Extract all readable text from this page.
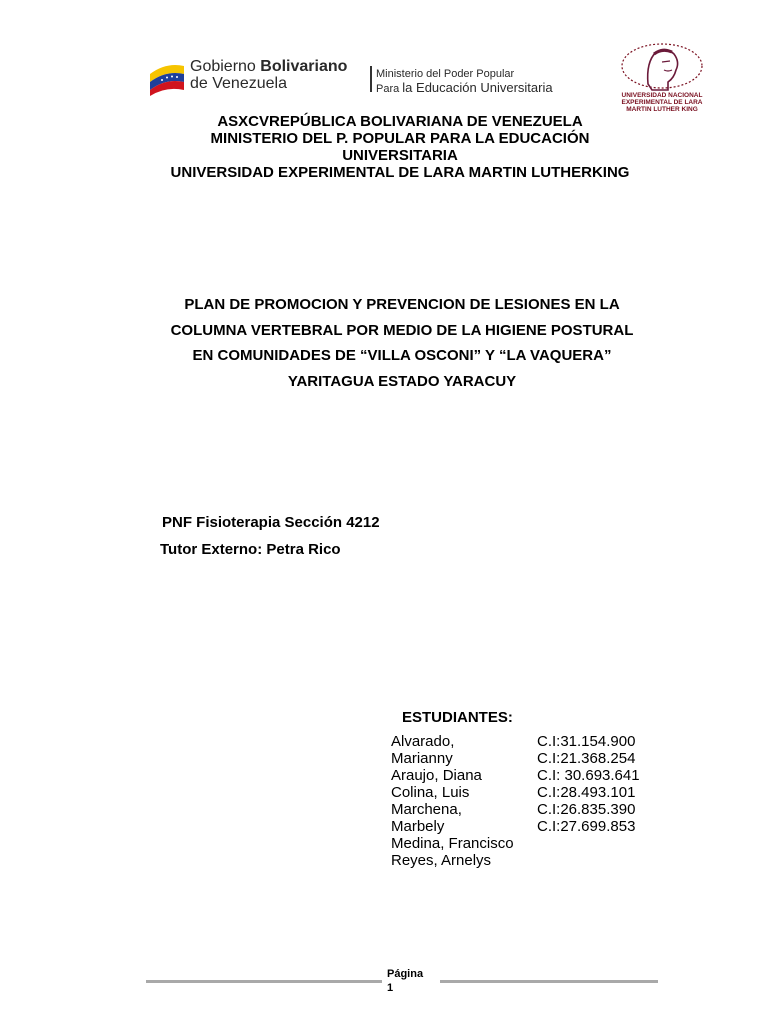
Gobierno Bolivariano
de Venezuela
Ministerio del Poder Popular
Para la Educación Universitaria
UNIVERSIDAD NACIONAL
EXPERIMENTAL DE LARA
MARTIN LUTHER KING
ASXCVREPÚBLICA BOLIVARIANA DE VENEZUELA
MINISTERIO DEL P. POPULAR PARA LA EDUCACIÓN
UNIVERSITARIA
UNIVERSIDAD EXPERIMENTAL DE LARA MARTIN LUTHERKING
PLAN DE PROMOCION Y PREVENCION DE LESIONES EN LA
COLUMNA VERTEBRAL POR MEDIO DE LA HIGIENE POSTURAL
EN COMUNIDADES DE “VILLA OSCONI” Y “LA VAQUERA”
YARITAGUA ESTADO YARACUY
PNF Fisioterapia Sección 4212
Tutor Externo: Petra Rico
ESTUDIANTES:
Alvarado,
Marianny
Araujo, Diana
Colina, Luis
Marchena,
Marbely
Medina, Francisco
Reyes, Arnelys
C.I:31.154.900
C.I:21.368.254
C.I: 30.693.641
C.I:28.493.101
C.I:26.835.390
C.I:27.699.853
Página
1
